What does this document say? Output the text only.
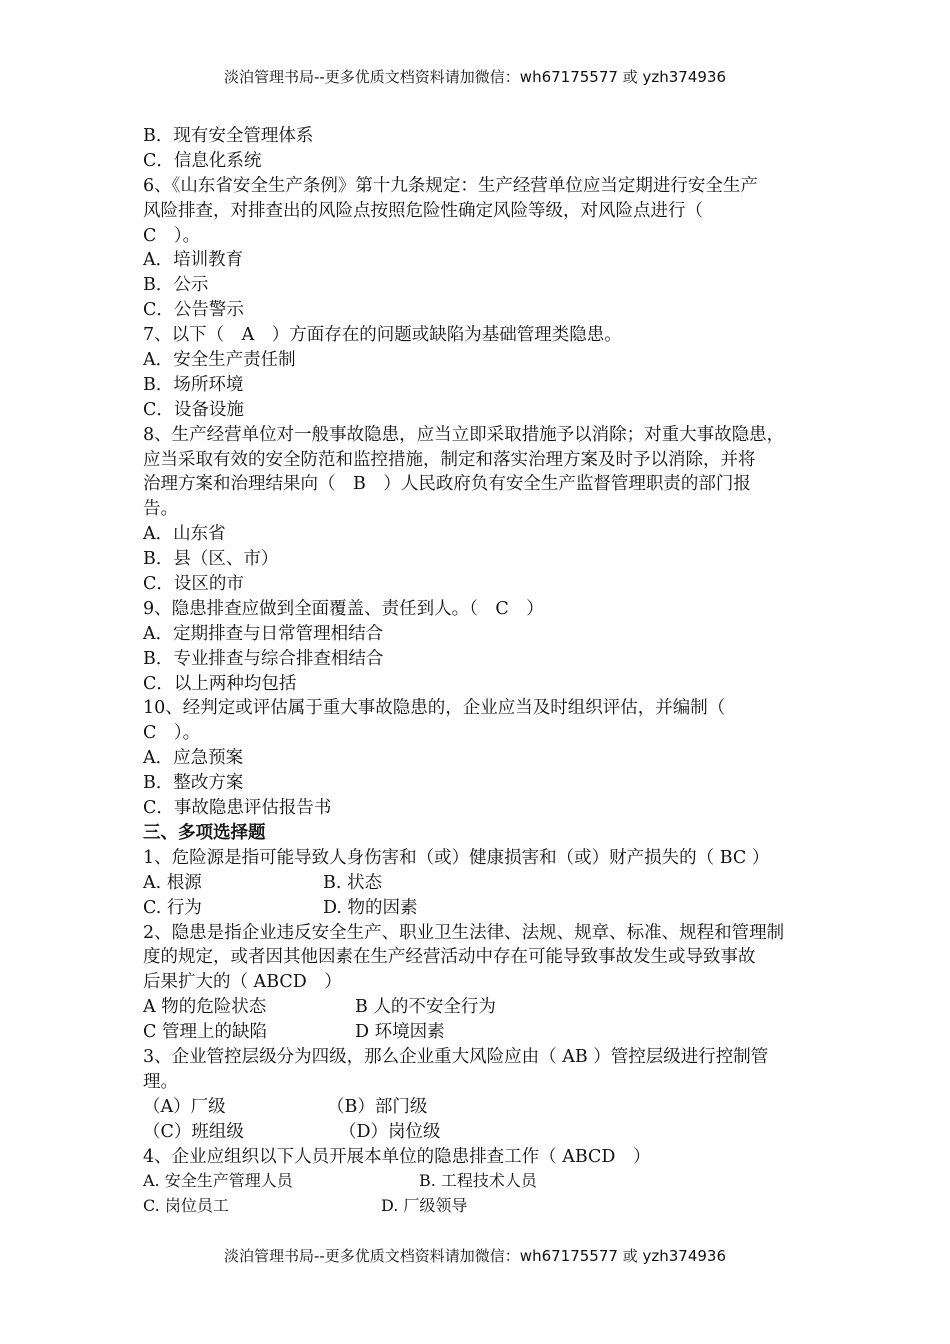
淡泊管理书局--更多优质文档资料请加微信：wh67175577 或 yzh374936
B．现有安全管理体系
C．信息化系统
6、《山东省安全生产条例》第十九条规定：生产经营单位应当定期进行安全生产
风险排查，对排查出的风险点按照危险性确定风险等级，对风险点进行（
C　）。
A．培训教育
B．公示
C．公告警示
7、以下（　A　）方面存在的问题或缺陷为基础管理类隐患。
A．安全生产责任制
B．场所环境
C．设备设施
8、生产经营单位对一般事故隐患，应当立即采取措施予以消除；对重大事故隐患，
应当采取有效的安全防范和监控措施，制定和落实治理方案及时予以消除，并将
治理方案和治理结果向（　B　）人民政府负有安全生产监督管理职责的部门报
告。
A．山东省
B．县（区、市）
C．设区的市
9、隐患排查应做到全面覆盖、责任到人。（　C　）
A．定期排查与日常管理相结合
B．专业排查与综合排查相结合
C．以上两种均包括
10、经判定或评估属于重大事故隐患的，企业应当及时组织评估，并编制（
C　）。
A．应急预案
B．整改方案
C．事故隐患评估报告书
三、多项选择题
1、危险源是指可能导致人身伤害和（或）健康损害和（或）财产损失的（ BC ）
A. 根源	B. 状态
C. 行为	D. 物的因素
2、隐患是指企业违反安全生产、职业卫生法律、法规、规章、标准、规程和管理制
度的规定，或者因其他因素在生产经营活动中存在可能导致事故发生或导致事故
后果扩大的（ ABCD　）
A 物的危险状态	B 人的不安全行为
C 管理上的缺陷	D 环境因素
3、企业管控层级分为四级，那么企业重大风险应由（ AB ）管控层级进行控制管
理。
（A）厂级	（B）部门级
（C）班组级	（D）岗位级
4、企业应组织以下人员开展本单位的隐患排查工作（ ABCD　）
A. 安全生产管理人员	B. 工程技术人员
C. 岗位员工	D. 厂级领导
淡泊管理书局--更多优质文档资料请加微信：wh67175577 或 yzh374936
